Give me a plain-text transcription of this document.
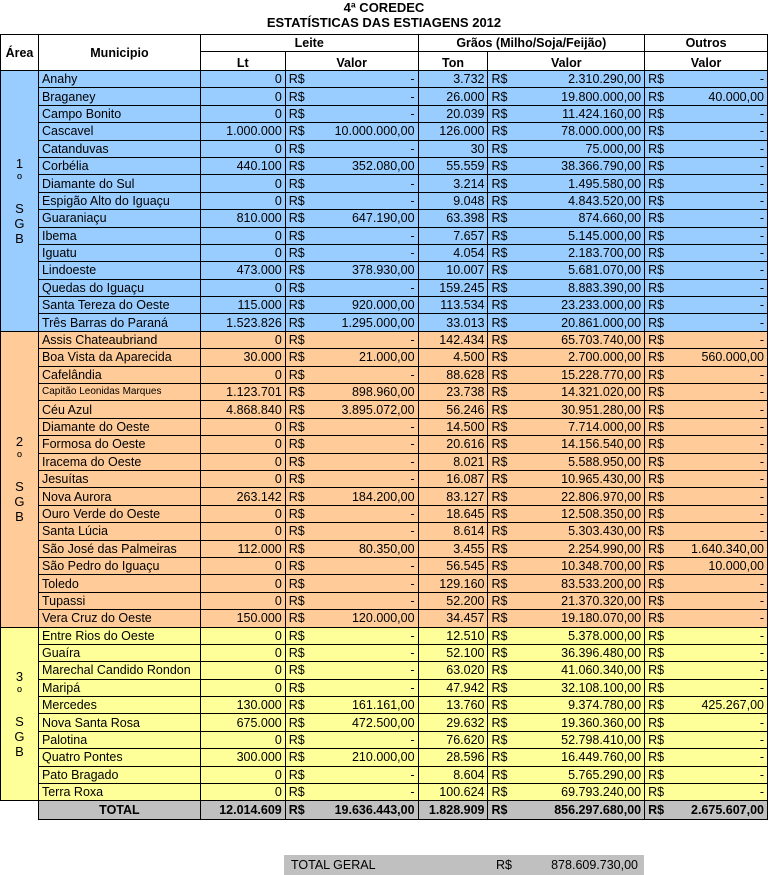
4ª COREDEC
ESTATÍSTICAS DAS ESTIAGENS 2012
Área	Municipio	Leite			Grãos (Milho/Soja/Feijão)			Outros	
		Lt	Valor		Ton	Valor		Valor	

1
º

S
G
B	Anahy	0	R$	-	3.732	R$	2.310.290,00	R$	-
	Braganey	0	R$	-	26.000	R$	19.800.000,00	R$	40.000,00
	Campo Bonito	0	R$	-	20.039	R$	11.424.160,00	R$	-
	Cascavel	1.000.000	R$	10.000.000,00	126.000	R$	78.000.000,00	R$	-
	Catanduvas	0	R$	-	30	R$	75.000,00	R$	-
	Corbélia	440.100	R$	352.080,00	55.559	R$	38.366.790,00	R$	-
	Diamante do Sul	0	R$	-	3.214	R$	1.495.580,00	R$	-
	Espigão Alto do Iguaçu	0	R$	-	9.048	R$	4.843.520,00	R$	-
	Guaraniaçu	810.000	R$	647.190,00	63.398	R$	874.660,00	R$	-
	Ibema	0	R$	-	7.657	R$	5.145.000,00	R$	-
	Iguatu	0	R$	-	4.054	R$	2.183.700,00	R$	-
	Lindoeste	473.000	R$	378.930,00	10.007	R$	5.681.070,00	R$	-
	Quedas do Iguaçu	0	R$	-	159.245	R$	8.883.390,00	R$	-
	Santa Tereza do Oeste	115.000	R$	920.000,00	113.534	R$	23.233.000,00	R$	-
	Três Barras do Paraná	1.523.826	R$	1.295.000,00	33.013	R$	20.861.000,00	R$	-

2
º

S
G
B	Assis Chateaubriand	0	R$	-	142.434	R$	65.703.740,00	R$	-
	Boa Vista da Aparecida	30.000	R$	21.000,00	4.500	R$	2.700.000,00	R$	560.000,00
	Cafelândia	0	R$	-	88.628	R$	15.228.770,00	R$	-
	Capitão Leonidas Marques	1.123.701	R$	898.960,00	23.738	R$	14.321.020,00	R$	-
	Céu Azul	4.868.840	R$	3.895.072,00	56.246	R$	30.951.280,00	R$	-
	Diamante do Oeste	0	R$	-	14.500	R$	7.714.000,00	R$	-
	Formosa do Oeste	0	R$	-	20.616	R$	14.156.540,00	R$	-
	Iracema do Oeste	0	R$	-	8.021	R$	5.588.950,00	R$	-
	Jesuítas	0	R$	-	16.087	R$	10.965.430,00	R$	-
	Nova Aurora	263.142	R$	184.200,00	83.127	R$	22.806.970,00	R$	-
	Ouro Verde do Oeste	0	R$	-	18.645	R$	12.508.350,00	R$	-
	Santa Lúcia	0	R$	-	8.614	R$	5.303.430,00	R$	-
	São José das Palmeiras	112.000	R$	80.350,00	3.455	R$	2.254.990,00	R$	1.640.340,00
	São Pedro do Iguaçu	0	R$	-	56.545	R$	10.348.700,00	R$	10.000,00
	Toledo	0	R$	-	129.160	R$	83.533.200,00	R$	-
	Tupassi	0	R$	-	52.200	R$	21.370.320,00	R$	-
	Vera Cruz do Oeste	150.000	R$	120.000,00	34.457	R$	19.180.070,00	R$	-

3
º

S
G
B	Entre Rios do Oeste	0	R$	-	12.510	R$	5.378.000,00	R$	-
	Guaíra	0	R$	-	52.100	R$	36.396.480,00	R$	-
	Marechal Candido Rondon	0	R$	-	63.020	R$	41.060.340,00	R$	-
	Maripá	0	R$	-	47.942	R$	32.108.100,00	R$	-
	Mercedes	130.000	R$	161.161,00	13.760	R$	9.374.780,00	R$	425.267,00
	Nova Santa Rosa	675.000	R$	472.500,00	29.632	R$	19.360.360,00	R$	-
	Palotina	0	R$	-	76.620	R$	52.798.410,00	R$	-
	Quatro Pontes	300.000	R$	210.000,00	28.596	R$	16.449.760,00	R$	-
	Pato Bragado	0	R$	-	8.604	R$	5.765.290,00	R$	-
	Terra Roxa	0	R$	-	100.624	R$	69.793.240,00	R$	-
	TOTAL	12.014.609	R$	19.636.443,00	1.828.909	R$	856.297.680,00	R$	2.675.607,00
TOTAL GERAL	R$	878.609.730,00
